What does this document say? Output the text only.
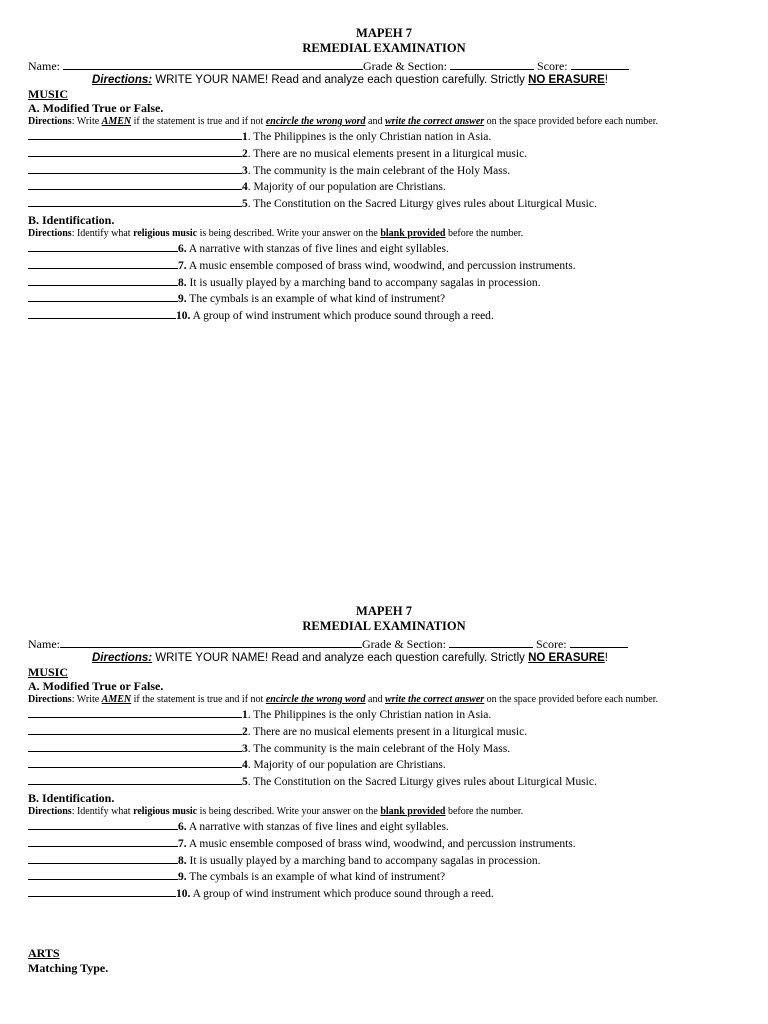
MAPEH 7
REMEDIAL EXAMINATION
Name:	Grade & Section:	Score:
Directions: WRITE YOUR NAME! Read and analyze each question carefully. Strictly NO ERASURE!
MUSIC
A. Modified True or False.
Directions: Write AMEN if the statement is true and if not encircle the wrong word and write the correct answer on the space provided before each number.
1. The Philippines is the only Christian nation in Asia.
2. There are no musical elements present in a liturgical music.
3. The community is the main celebrant of the Holy Mass.
4. Majority of our population are Christians.
5. The Constitution on the Sacred Liturgy gives rules about Liturgical Music.
B. Identification.
Directions: Identify what religious music is being described. Write your answer on the blank provided before the number.
6. A narrative with stanzas of five lines and eight syllables.
7. A music ensemble composed of brass wind, woodwind, and percussion instruments.
8. It is usually played by a marching band to accompany sagalas in procession.
9. The cymbals is an example of what kind of instrument?
10. A group of wind instrument which produce sound through a reed.
MAPEH 7
REMEDIAL EXAMINATION
Name:	Grade & Section:	Score:
Directions: WRITE YOUR NAME! Read and analyze each question carefully. Strictly NO ERASURE!
MUSIC
A. Modified True or False.
Directions: Write AMEN if the statement is true and if not encircle the wrong word and write the correct answer on the space provided before each number.
1. The Philippines is the only Christian nation in Asia.
2. There are no musical elements present in a liturgical music.
3. The community is the main celebrant of the Holy Mass.
4. Majority of our population are Christians.
5. The Constitution on the Sacred Liturgy gives rules about Liturgical Music.
B. Identification.
Directions: Identify what religious music is being described. Write your answer on the blank provided before the number.
6. A narrative with stanzas of five lines and eight syllables.
7. A music ensemble composed of brass wind, woodwind, and percussion instruments.
8. It is usually played by a marching band to accompany sagalas in procession.
9. The cymbals is an example of what kind of instrument?
10. A group of wind instrument which produce sound through a reed.
ARTS
Matching Type.
